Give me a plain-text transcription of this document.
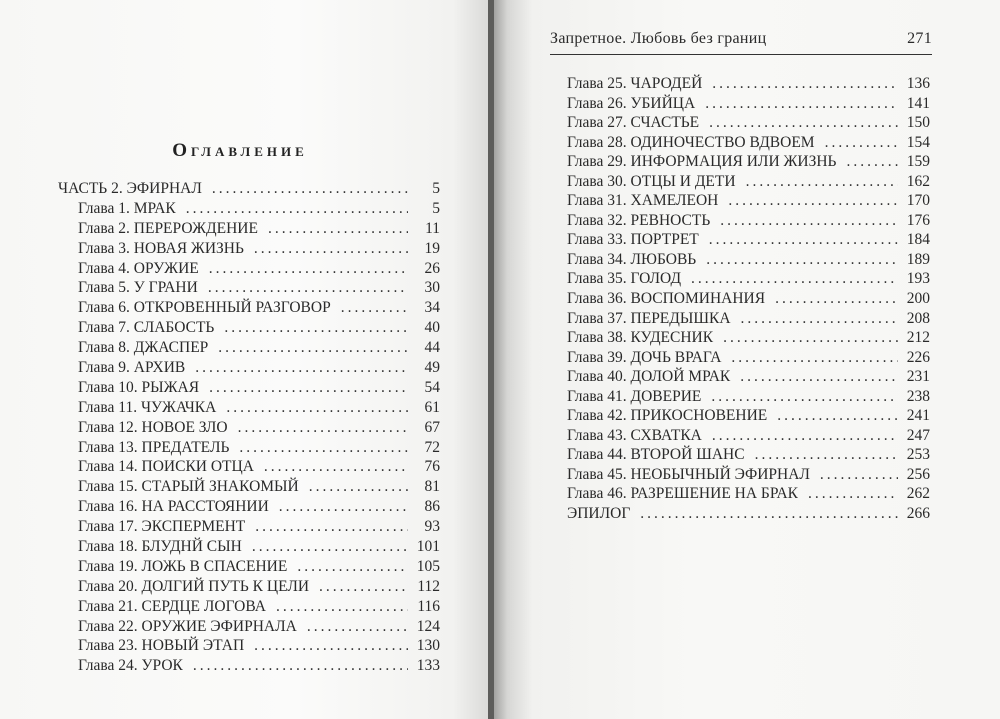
Оглавление
ЧАСТЬ 2. ЭФИРНАЛ .....	5
Глава 1. МРАК .....	5
Глава 2. ПЕРЕРОЖДЕНИЕ .....	11
Глава 3. НОВАЯ ЖИЗНЬ .....	19
Глава 4. ОРУЖИЕ .....	26
Глава 5. У ГРАНИ .....	30
Глава 6. ОТКРОВЕННЫЙ РАЗГОВОР .....	34
Глава 7. СЛАБОСТЬ .....	40
Глава 8. ДЖАСПЕР .....	44
Глава 9. АРХИВ .....	49
Глава 10. РЫЖАЯ .....	54
Глава 11. ЧУЖАЧКА .....	61
Глава 12. НОВОЕ ЗЛО .....	67
Глава 13. ПРЕДАТЕЛЬ .....	72
Глава 14. ПОИСКИ ОТЦА .....	76
Глава 15. СТАРЫЙ ЗНАКОМЫЙ .....	81
Глава 16. НА РАССТОЯНИИ .....	86
Глава 17. ЭКСПЕРМЕНТ .....	93
Глава 18. БЛУДНЙ СЫН .....	101
Глава 19. ЛОЖЬ В СПАСЕНИЕ .....	105
Глава 20. ДОЛГИЙ ПУТЬ К ЦЕЛИ .....	112
Глава 21. СЕРДЦЕ ЛОГОВА .....	116
Глава 22. ОРУЖИЕ ЭФИРНАЛА .....	124
Глава 23. НОВЫЙ ЭТАП .....	130
Глава 24. УРОК .....	133
Запретное. Любовь без границ	271
Глава 25. ЧАРОДЕЙ .....	136
Глава 26. УБИЙЦА .....	141
Глава 27. СЧАСТЬЕ .....	150
Глава 28. ОДИНОЧЕСТВО ВДВОЕМ .....	154
Глава 29. ИНФОРМАЦИЯ ИЛИ ЖИЗНЬ .....	159
Глава 30. ОТЦЫ И ДЕТИ .....	162
Глава 31. ХАМЕЛЕОН .....	170
Глава 32. РЕВНОСТЬ .....	176
Глава 33. ПОРТРЕТ .....	184
Глава 34. ЛЮБОВЬ .....	189
Глава 35. ГОЛОД .....	193
Глава 36. ВОСПОМИНАНИЯ .....	200
Глава 37. ПЕРЕДЫШКА .....	208
Глава 38. КУДЕСНИК .....	212
Глава 39. ДОЧЬ ВРАГА .....	226
Глава 40. ДОЛОЙ МРАК .....	231
Глава 41. ДОВЕРИЕ .....	238
Глава 42. ПРИКОСНОВЕНИЕ .....	241
Глава 43. СХВАТКА .....	247
Глава 44. ВТОРОЙ ШАНС .....	253
Глава 45. НЕОБЫЧНЫЙ ЭФИРНАЛ .....	256
Глава 46. РАЗРЕШЕНИЕ НА БРАК .....	262
ЭПИЛОГ .....	266
